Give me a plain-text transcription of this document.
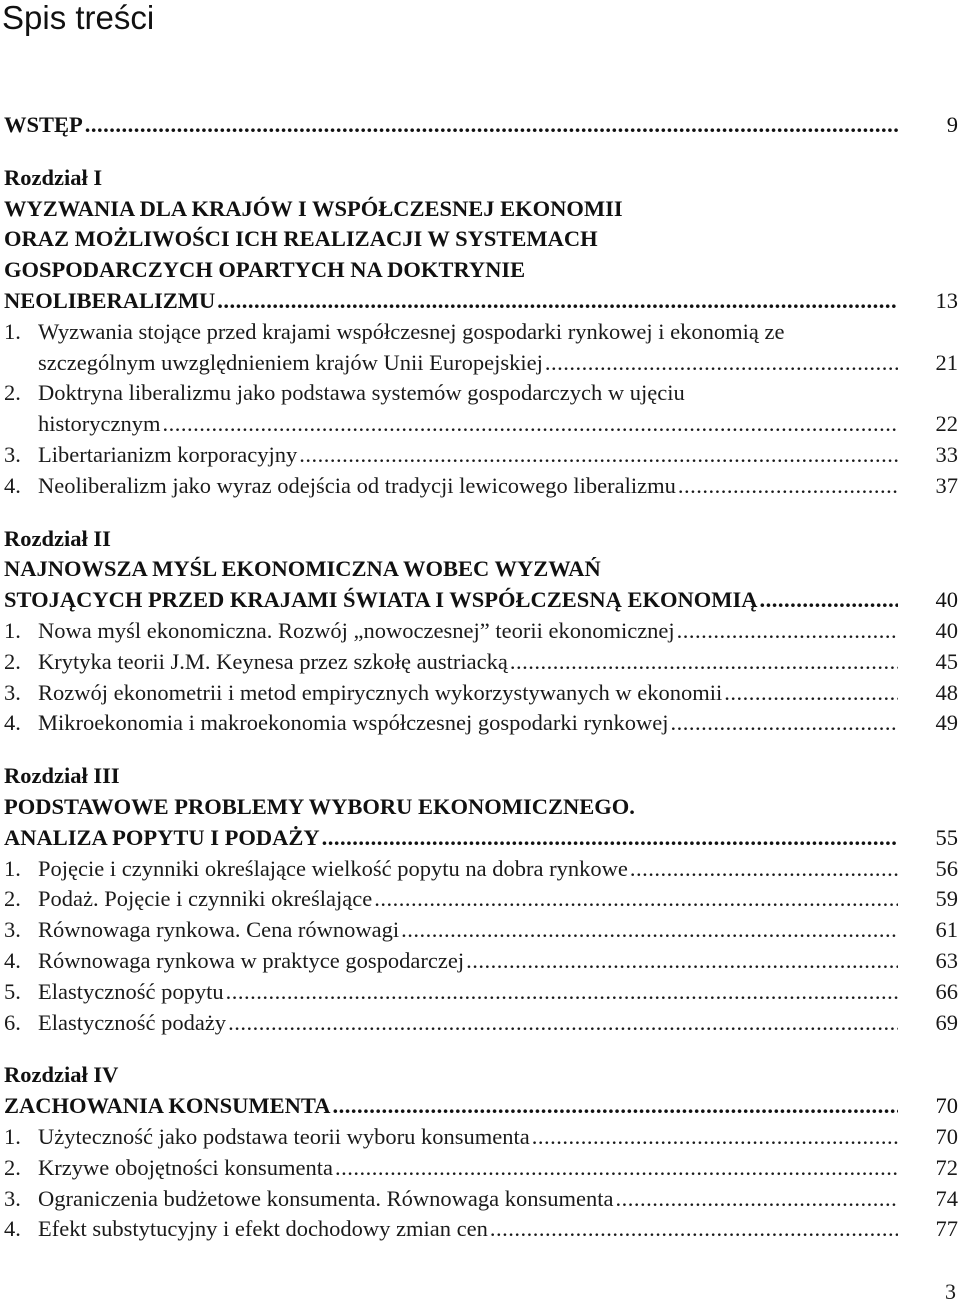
Spis treści
WSTĘP .....	9
Rozdział I
WYZWANIA DLA KRAJÓW I WSPÓŁCZESNEJ EKONOMII
ORAZ MOŻLIWOŚCI ICH REALIZACJI W SYSTEMACH
GOSPODARCZYCH OPARTYCH NA DOKTRYNIE
NEOLIBERALIZMU .....	13
1. Wyzwania stojące przed krajami współczesnej gospodarki rynkowej i ekonomią ze
szczególnym uwzględnieniem krajów Unii Europejskiej .....	21
2. Doktryna liberalizmu jako podstawa systemów gospodarczych w ujęciu
historycznym .....	22
3. Libertarianizm korporacyjny .....	33
4. Neoliberalizm jako wyraz odejścia od tradycji lewicowego liberalizmu .....	37
Rozdział II
NAJNOWSZA MYŚL EKONOMICZNA WOBEC WYZWAŃ
STOJĄCYCH PRZED KRAJAMI ŚWIATA I WSPÓŁCZESNĄ EKONOMIĄ .....	40
1. Nowa myśl ekonomiczna. Rozwój „nowoczesnej” teorii ekonomicznej .....	40
2. Krytyka teorii J.M. Keynesa przez szkołę austriacką .....	45
3. Rozwój ekonometrii i metod empirycznych wykorzystywanych w ekonomii .....	48
4. Mikroekonomia i makroekonomia współczesnej gospodarki rynkowej .....	49
Rozdział III
PODSTAWOWE PROBLEMY WYBORU EKONOMICZNEGO.
ANALIZA POPYTU I PODAŻY .....	55
1. Pojęcie i czynniki określające wielkość popytu na dobra rynkowe .....	56
2. Podaż. Pojęcie i czynniki określające .....	59
3. Równowaga rynkowa. Cena równowagi .....	61
4. Równowaga rynkowa w praktyce gospodarczej .....	63
5. Elastyczność popytu .....	66
6. Elastyczność podaży .....	69
Rozdział IV
ZACHOWANIA KONSUMENTA .....	70
1. Użyteczność jako podstawa teorii wyboru konsumenta .....	70
2. Krzywe obojętności konsumenta .....	72
3. Ograniczenia budżetowe konsumenta. Równowaga konsumenta .....	74
4. Efekt substytucyjny i efekt dochodowy zmian cen .....	77
3
